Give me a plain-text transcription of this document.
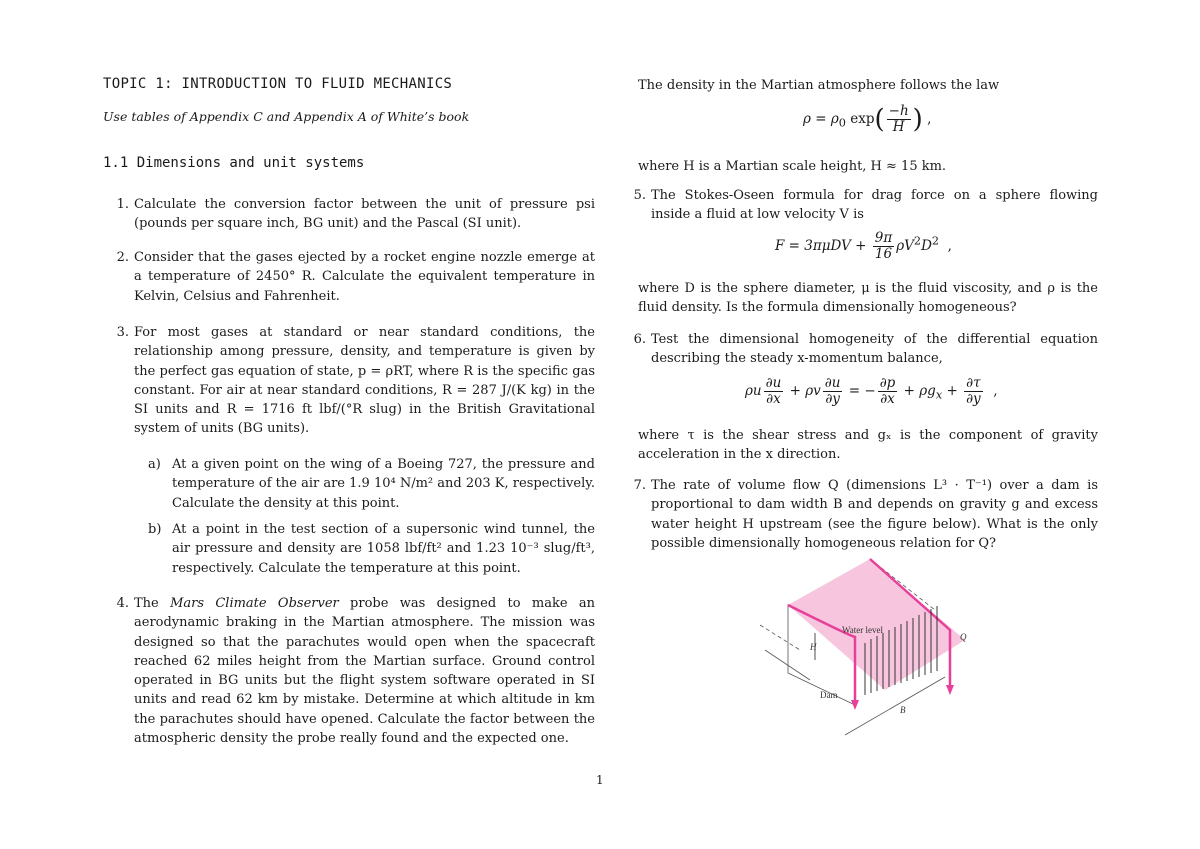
TOPIC 1: INTRODUCTION TO FLUID MECHANICS
Use tables of Appendix C and Appendix A of White’s book
1.1 Dimensions and unit systems
1. Calculate the conversion factor between the unit of pressure psi (pounds per square inch, BG unit) and the Pascal (SI unit).
2. Consider that the gases ejected by a rocket engine nozzle emerge at a temperature of 2450° R. Calculate the equivalent temperature in Kelvin, Celsius and Fahrenheit.
3. For most gases at standard or near standard conditions, the relationship among pressure, density, and temperature is given by the perfect gas equation of state, p = ρRT, where R is the specific gas constant. For air at near standard conditions, R = 287 J/(K kg) in the SI units and R = 1716 ft lbf/(°R slug) in the British Gravitational system of units (BG units).
a) At a given point on the wing of a Boeing 727, the pressure and temperature of the air are 1.9 10⁴ N/m² and 203 K, respectively. Calculate the density at this point.
b) At a point in the test section of a supersonic wind tunnel, the air pressure and density are 1058 lbf/ft² and 1.23 10⁻³ slug/ft³, respectively. Calculate the temperature at this point.
4. The Mars Climate Observer probe was designed to make an aerodynamic braking in the Martian atmosphere. The mission was designed so that the parachutes would open when the spacecraft reached 62 miles height from the Martian surface. Ground control operated in BG units but the flight system software operated in SI units and read 62 km by mistake. Determine at which altitude in km the parachutes should have opened. Calculate the factor between the atmospheric density the probe really found and the expected one.
The density in the Martian atmosphere follows the law
$\rho = \rho_0$ $\exp( \frac{-h}{H}$ ) ,
where H is a Martian scale height, H ≈ 15 km.
5. The Stokes-Oseen formula for drag force on a sphere flowing inside a fluid at low velocity V is
$F = 3\pi\mu DV + \frac{9\pi}{16} \rho V^2D^2$ ,
where D is the sphere diameter, μ is the fluid viscosity, and ρ is the fluid density. Is the formula dimensionally homogeneous?
6. Test the dimensional homogeneity of the differential equation describing the steady x-momentum balance,
ρu $\frac{\partial u}{\partial x} + \rho v \frac{\partial u}{\partial y}$ = − $\frac{\partial p}{\partial x} + \rho g_x + \frac{\partial\tau}{\partial y}$ ,
where τ is the shear stress and gₓ is the component of gravity acceleration in the x direction.
7. The rate of volume flow Q (dimensions L³ · T⁻¹) over a dam is proportional to dam width B and depends on gravity g and excess water height H upstream (see the figure below). What is the only possible dimensionally homogeneous relation for Q?
Water level
H
Q
Dam
B
1
